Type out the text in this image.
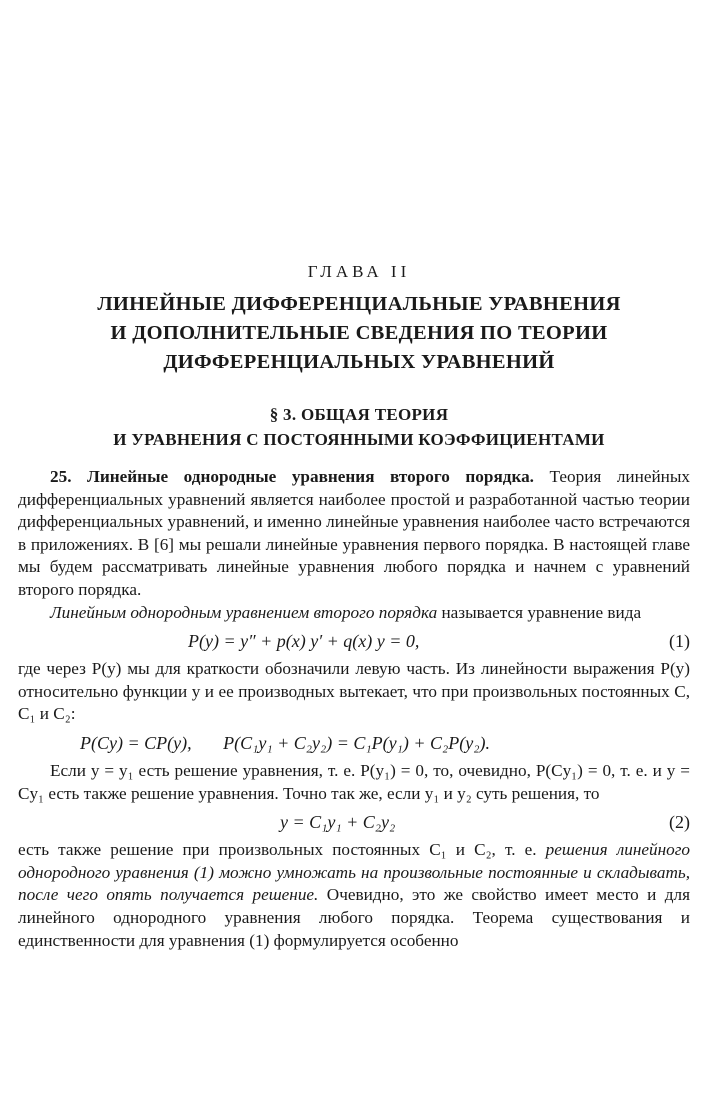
ГЛАВА II
ЛИНЕЙНЫЕ ДИФФЕРЕНЦИАЛЬНЫЕ УРАВНЕНИЯ
И ДОПОЛНИТЕЛЬНЫЕ СВЕДЕНИЯ ПО ТЕОРИИ
ДИФФЕРЕНЦИАЛЬНЫХ УРАВНЕНИЙ
§ 3. ОБЩАЯ ТЕОРИЯ
И УРАВНЕНИЯ С ПОСТОЯННЫМИ КОЭФФИЦИЕНТАМИ

25. Линейные однородные уравнения второго порядка. Теория линейных дифференциальных уравнений является наиболее простой и разработанной частью теории дифференциальных уравнений, и именно линейные уравнения наиболее часто встречаются в приложениях. В [6] мы решали линейные уравнения первого порядка. В настоящей главе мы будем рассматривать линейные уравнения любого порядка и начнем с уравнений второго порядка.

Линейным однородным уравнением второго порядка называется уравнение вида

P(y) = y″ + p(x) y′ + q(x) y = 0,	(1)

где через P(y) мы для краткости обозначили левую часть. Из линейности выражения P(y) относительно функции y и ее производных вытекает, что при произвольных постоянных C, C₁ и C₂:

P(Cy) = CP(y),       P(C₁y₁ + C₂y₂) = C₁P(y₁) + C₂P(y₂).

Если y = y₁ есть решение уравнения, т. е. P(y₁) = 0, то, очевидно, P(Cy₁) = 0, т. е. и y = Cy₁ есть также решение уравнения. Точно так же, если y₁ и y₂ суть решения, то

y = C₁y₁ + C₂y₂	(2)

есть также решение при произвольных постоянных C₁ и C₂, т. е. решения линейного однородного уравнения (1) можно умножать на произвольные постоянные и складывать, после чего опять получается решение. Очевидно, это же свойство имеет место и для линейного однородного уравнения любого порядка. Теорема существования и единственности для уравнения (1) формулируется особенно
